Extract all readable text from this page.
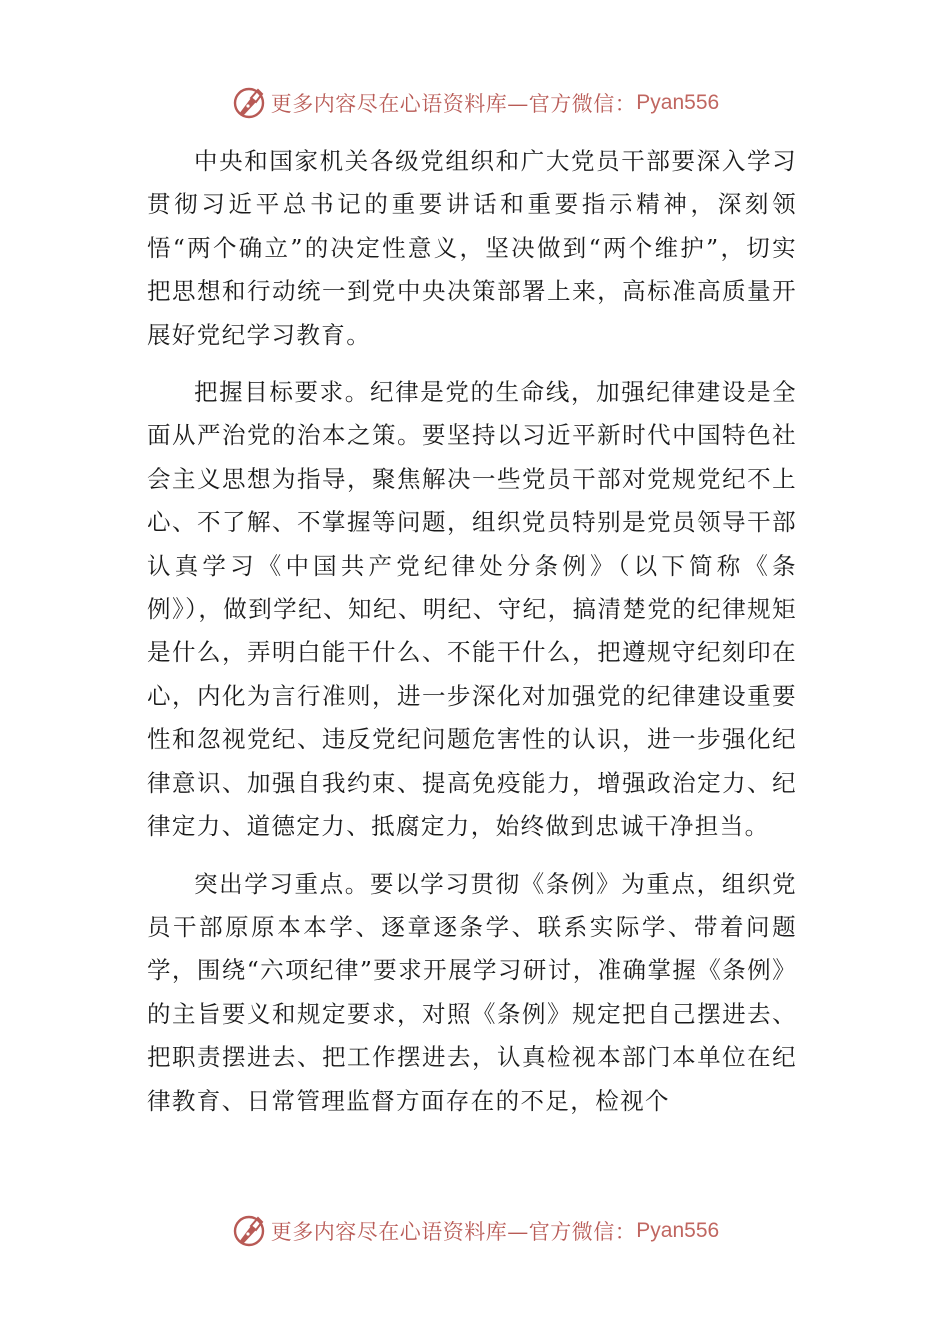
更多内容尽在心语资料库—官方微信： Pyan556

中央和国家机关各级党组织和广大党员干部要深入学习贯彻习近平总书记的重要讲话和重要指示精神，深刻领悟“两个确立”的决定性意义，坚决做到“两个维护”，切实把思想和行动统一到党中央决策部署上来，高标准高质量开展好党纪学习教育。

把握目标要求。纪律是党的生命线，加强纪律建设是全面从严治党的治本之策。要坚持以习近平新时代中国特色社会主义思想为指导，聚焦解决一些党员干部对党规党纪不上心、不了解、不掌握等问题，组织党员特别是党员领导干部认真学习《中国共产党纪律处分条例》（以下简称《条例》），做到学纪、知纪、明纪、守纪，搞清楚党的纪律规矩是什么，弄明白能干什么、不能干什么，把遵规守纪刻印在心，内化为言行准则，进一步深化对加强党的纪律建设重要性和忽视党纪、违反党纪问题危害性的认识，进一步强化纪律意识、加强自我约束、提高免疫能力，增强政治定力、纪律定力、道德定力、抵腐定力，始终做到忠诚干净担当。

突出学习重点。要以学习贯彻《条例》为重点，组织党员干部原原本本学、逐章逐条学、联系实际学、带着问题学，围绕“六项纪律”要求开展学习研讨，准确掌握《条例》的主旨要义和规定要求，对照《条例》规定把自己摆进去、把职责摆进去、把工作摆进去，认真检视本部门本单位在纪律教育、日常管理监督方面存在的不足，检视个

更多内容尽在心语资料库—官方微信： Pyan556
